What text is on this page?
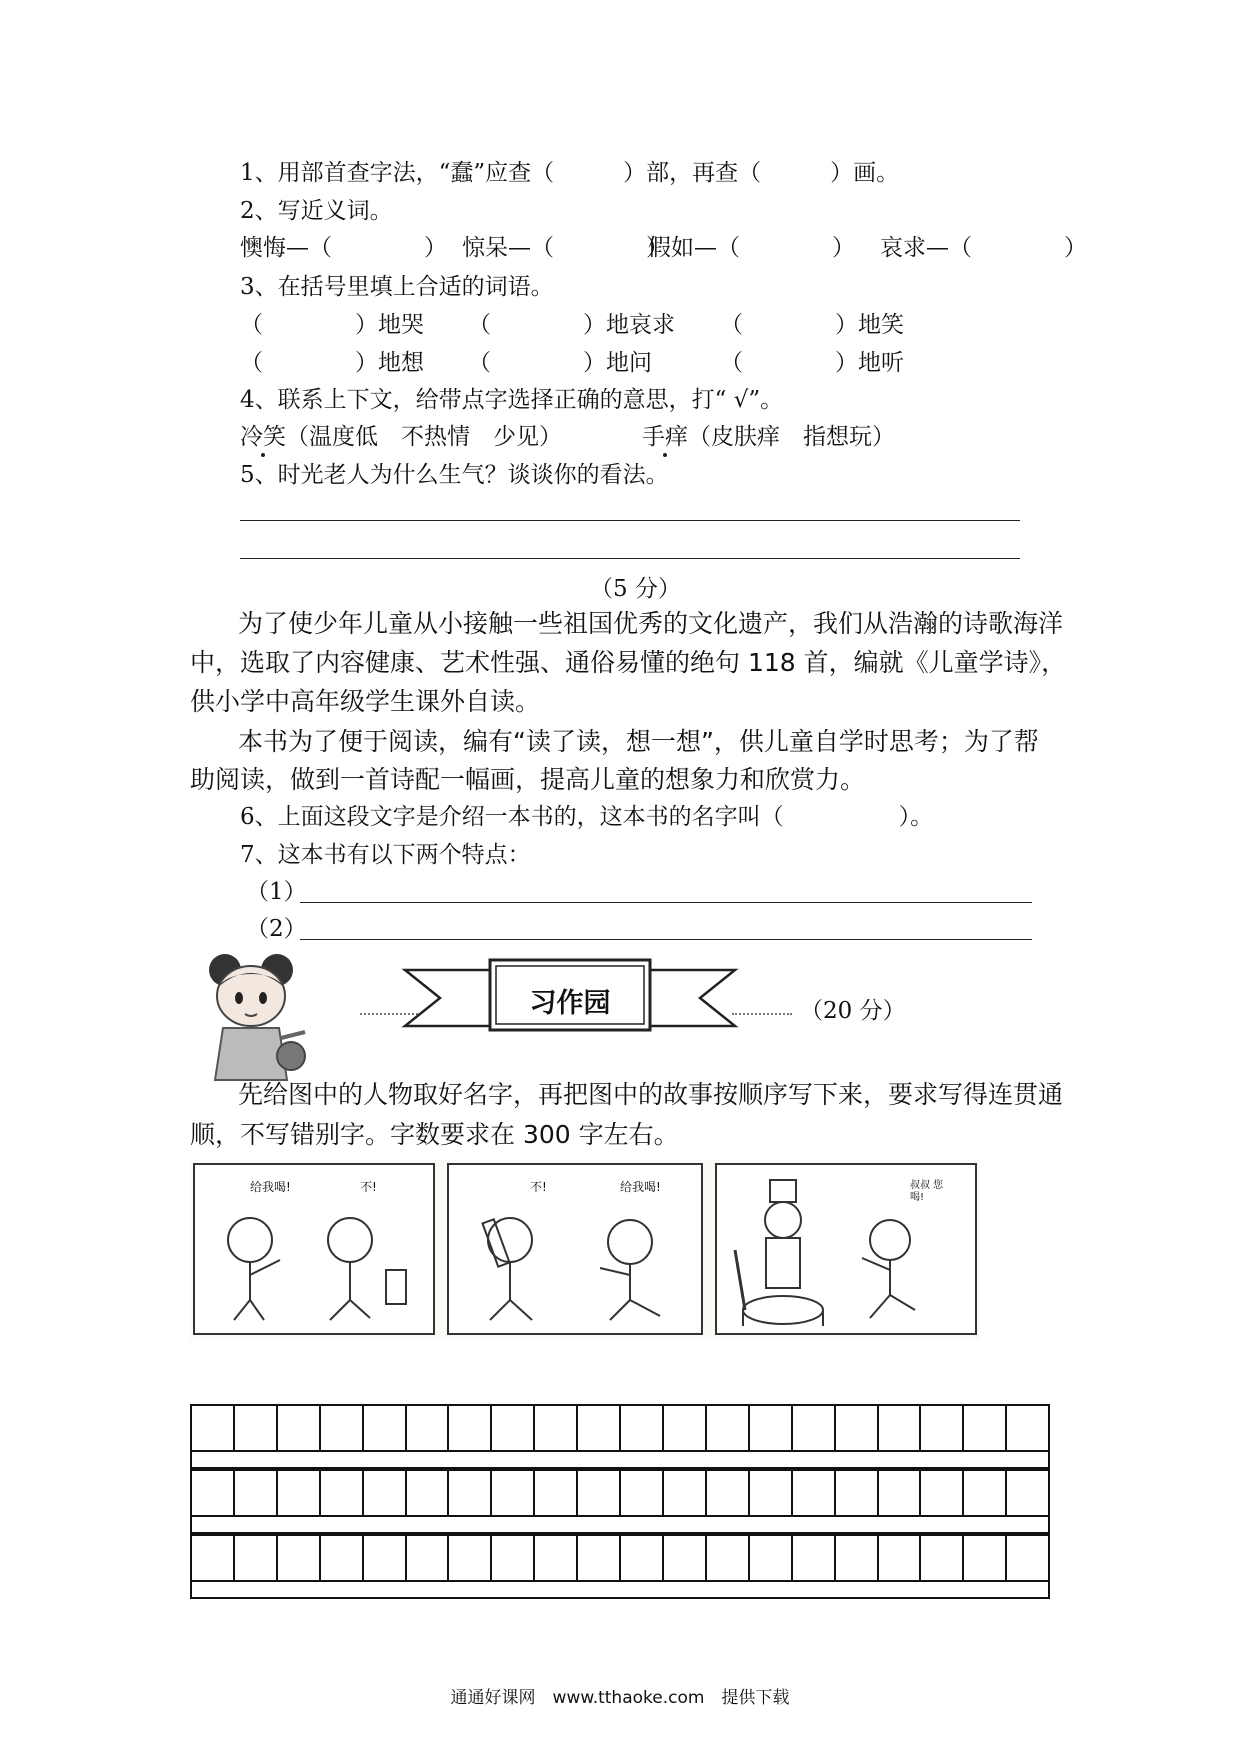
1、用部首查字法，“蠢”应查（　　　）部，再查（　　　）画。
2、写近义词。
懊悔—（　　　　） 惊呆—（　　　　）
假如—（　　　　） 哀求—（　　　　）
3、在括号里填上合适的词语。
（　　　　）地哭 （　　　　）地哀求 （　　　　）地笑
（　　　　）地想 （　　　　）地问	（　　　　）地听
4、联系上下文，给带点字选择正确的意思，打“ √”。
冷笑（温度低　不热情　少见）	手痒（皮肤痒　指想玩）
5、时光老人为什么生气？谈谈你的看法。
（5 分）
为了使少年儿童从小接触一些祖国优秀的文化遗产，我们从浩瀚的诗歌海洋
中，选取了内容健康、艺术性强、通俗易懂的绝句 118 首，编就《儿童学诗》，
供小学中高年级学生课外自读。
本书为了便于阅读，编有“读了读，想一想”，供儿童自学时思考；为了帮
助阅读，做到一首诗配一幅画，提高儿童的想象力和欣赏力。
6、上面这段文字是介绍一本书的，这本书的名字叫（　　　　　）。
7、这本书有以下两个特点：
（1）
（2）
习作园	（20 分）
先给图中的人物取好名字，再把图中的故事按顺序写下来，要求写得连贯通
顺，不写错别字。字数要求在 300 字左右。
给我喝!	不!	不!	给我喝!	叔叔 您喝!
通通好课网　www.tthaoke.com　提供下载
